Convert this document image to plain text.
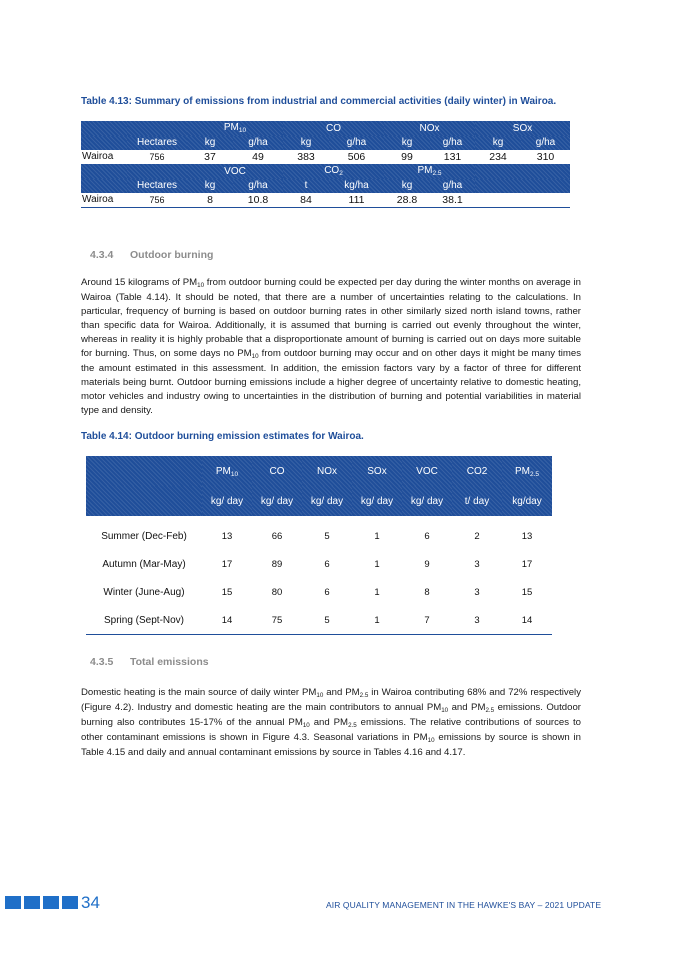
Table 4.13: Summary of emissions from industrial and commercial activities (daily winter) in Wairoa.
		$PM_{10}$		CO		NOx		SOx	
	Hectares	kg	g/ha	kg	g/ha	kg	g/ha	kg	g/ha
Wairoa	756	37	49	383	506	99	131	234	310
		VOC		$CO_2$		$PM_{2.5}$	
	Hectares	kg	g/ha	t	kg/ha	kg	g/ha		
Wairoa	756	8	10.8	84	111	28.8	38.1		
4.3.4 Outdoor burning

Around 15 kilograms of $PM_{10}$ from outdoor burning could be expected per day during the winter months on average in Wairoa (Table 4.14). It should be noted, that there are a number of uncertainties relating to the calculations. In particular, frequency of burning is based on outdoor burning rates in other similarly sized north island towns, rather than specific data for Wairoa. Additionally, it is assumed that burning is carried out evenly throughout the winter, whereas in reality it is highly probable that a disproportionate amount of burning is carried out on days more suitable for burning. Thus, on some days no $PM_{10}$ from outdoor burning may occur and on other days it might be many times the amount estimated in this assessment. In addition, the emission factors vary by a factor of three for different materials being burnt. Outdoor burning emissions include a higher degree of uncertainty relative to domestic heating, motor vehicles and industry owing to uncertainties in the distribution of burning and potential variabilities in material type and density.

Table 4.14: Outdoor burning emission estimates for Wairoa.
	$PM_{10}$	CO	NOx	SOx	VOC	CO2	$PM_{2.5}$
	kg/ day	kg/ day	kg/ day	kg/ day	kg/ day	t/ day	kg/day
Summer (Dec-Feb)	13	66	5	1	6	2	13
Autumn (Mar-May)	17	89	6	1	9	3	17
Winter (June-Aug)	15	80	6	1	8	3	15
Spring (Sept-Nov)	14	75	5	1	7	3	14
4.3.5 Total emissions

Domestic heating is the main source of daily winter $PM_{10}$ and $PM_{2.5}$ in Wairoa contributing 68% and 72% respectively (Figure 4.2). Industry and domestic heating are the main contributors to annual $PM_{10}$ and $PM_{2.5}$ emissions. Outdoor burning also contributes 15-17% of the annual $PM_{10}$ and $PM_{2.5}$ emissions. The relative contributions of sources to other contaminant emissions is shown in Figure 4.3. Seasonal variations in $PM_{10}$ emissions by source is shown in Table 4.15 and daily and annual contaminant emissions by source in Tables 4.16 and 4.17.

34	AIR QUALITY MANAGEMENT IN THE HAWKE'S BAY – 2021 UPDATE
